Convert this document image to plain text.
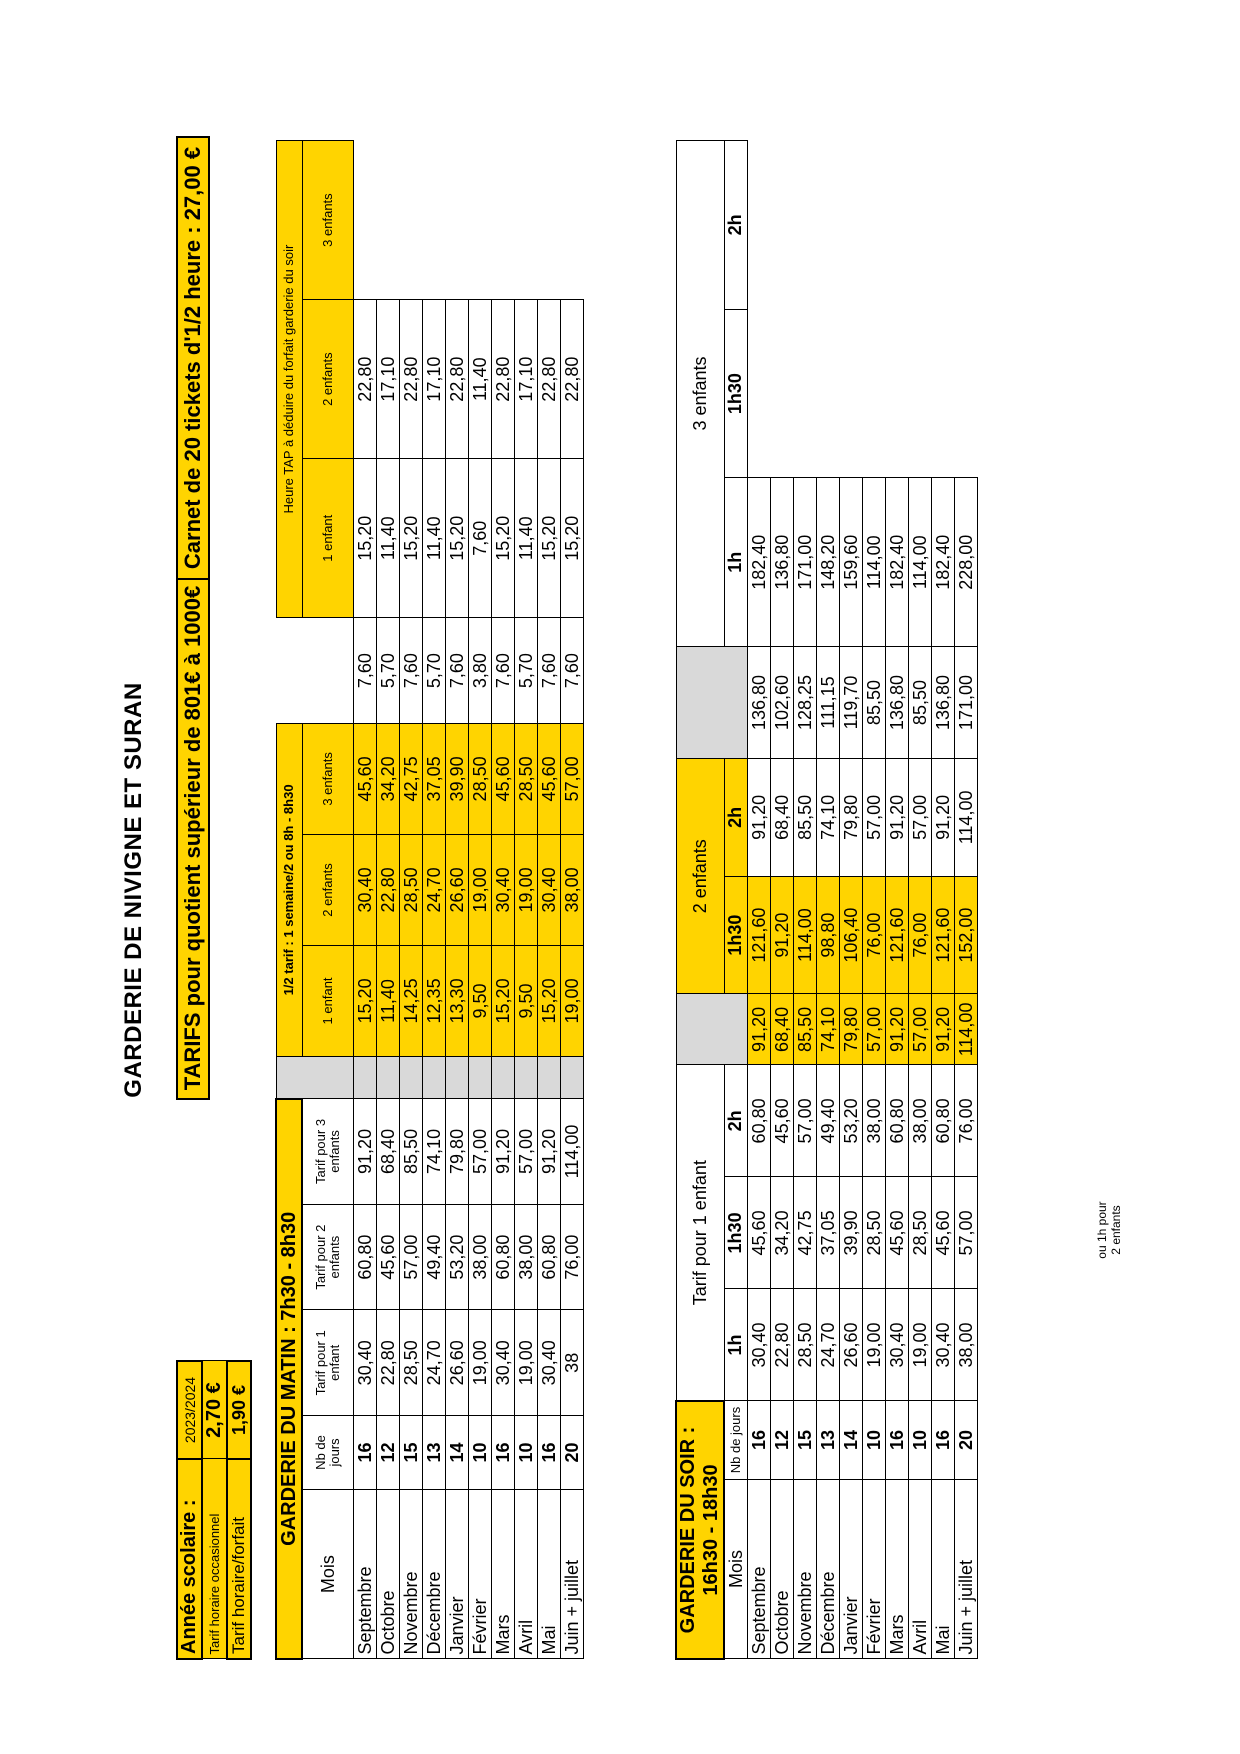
GARDERIE DE NIVIGNE ET SURAN
Année scolaire :	2023/2024
Tarif horaire occasionnel	2,70 €
Tarif horaire/forfait	1,90 €
TARIFS pour quotient supérieur de 801€ à 1000€
Carnet de 20 tickets d'1/2 heure : 27,00 €
GARDERIE DU MATIN : 7h30 - 8h30						1/2 tarif : 1 semaine/2 ou 8h - 8h30				Heure TAP à déduire du forfait garderie du soir		
Mois	Nb de jours	Tarif pour 1 enfant	Tarif pour 2 enfants	Tarif pour 3 enfants		1 enfant	2 enfants	3 enfants		1 enfant	2 enfants	3 enfants
Septembre	16	30,40	60,80	91,20		15,20	30,40	45,60	7,60	15,20	22,80	
Octobre	12	22,80	45,60	68,40		11,40	22,80	34,20	5,70	11,40	17,10	
Novembre	15	28,50	57,00	85,50		14,25	28,50	42,75	7,60	15,20	22,80	
Décembre	13	24,70	49,40	74,10		12,35	24,70	37,05	5,70	11,40	17,10	
Janvier	14	26,60	53,20	79,80		13,30	26,60	39,90	7,60	15,20	22,80	
Février	10	19,00	38,00	57,00		9,50	19,00	28,50	3,80	7,60	11,40	
Mars	16	30,40	60,80	91,20		15,20	30,40	45,60	7,60	15,20	22,80	
Avril	10	19,00	38,00	57,00		9,50	19,00	28,50	5,70	11,40	17,10	
Mai	16	30,40	60,80	91,20		15,20	30,40	45,60	7,60	15,20	22,80	
Juin + juillet	20	38	76,00	114,00		19,00	38,00	57,00	7,60	15,20	22,80	
GARDERIE DU SOIR : 16h30 - 18h30		Tarif pour 1 enfant				2 enfants			3 enfants		
Mois	Nb de jours	1h	1h30	2h		1h30	2h		1h	1h30	2h
Septembre	16	30,40	45,60	60,80	91,20	121,60	91,20	136,80	182,40		
Octobre	12	22,80	34,20	45,60	68,40	91,20	68,40	102,60	136,80		
Novembre	15	28,50	42,75	57,00	85,50	114,00	85,50	128,25	171,00		
Décembre	13	24,70	37,05	49,40	74,10	98,80	74,10	111,15	148,20		
Janvier	14	26,60	39,90	53,20	79,80	106,40	79,80	119,70	159,60		
Février	10	19,00	28,50	38,00	57,00	76,00	57,00	85,50	114,00		
Mars	16	30,40	45,60	60,80	91,20	121,60	91,20	136,80	182,40		
Avril	10	19,00	28,50	38,00	57,00	76,00	57,00	85,50	114,00		
Mai	16	30,40	45,60	60,80	91,20	121,60	91,20	136,80	182,40		
Juin + juillet	20	38,00	57,00	76,00	114,00	152,00	114,00	171,00	228,00		
ou 1h pour 2 enfants
